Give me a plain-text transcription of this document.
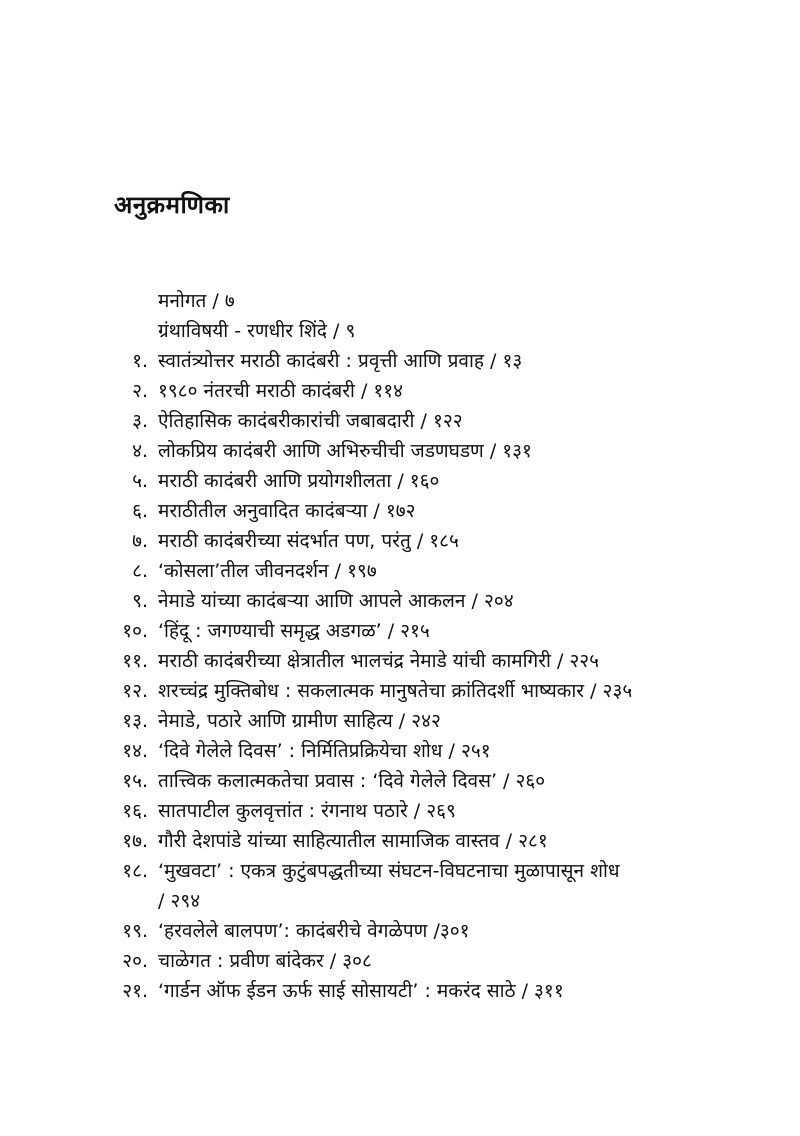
अनुक्रमणिका
मनोगत / ७
ग्रंथाविषयी - रणधीर शिंदे / ९
१. स्वातंत्र्योत्तर मराठी कादंबरी : प्रवृत्ती आणि प्रवाह / १३
२. १९८० नंतरची मराठी कादंबरी / ११४
३. ऐतिहासिक कादंबरीकारांची जबाबदारी / १२२
४. लोकप्रिय कादंबरी आणि अभिरुचीची जडणघडण / १३१
५. मराठी कादंबरी आणि प्रयोगशीलता / १६०
६. मराठीतील अनुवादित कादंबऱ्या / १७२
७. मराठी कादंबरीच्या संदर्भात पण, परंतु / १८५
८. ‘कोसला’तील जीवनदर्शन / १९७
९. नेमाडे यांच्या कादंबऱ्या आणि आपले आकलन / २०४
१०. ‘हिंदू : जगण्याची समृद्ध अडगळ’ / २१५
११. मराठी कादंबरीच्या क्षेत्रातील भालचंद्र नेमाडे यांची कामगिरी / २२५
१२. शरच्चंद्र मुक्तिबोध : सकलात्मक मानुषतेचा क्रांतिदर्शी भाष्यकार / २३५
१३. नेमाडे, पठारे आणि ग्रामीण साहित्य / २४२
१४. ‘दिवे गेलेले दिवस’ : निर्मितिप्रक्रियेचा शोध / २५१
१५. तात्त्विक कलात्मकतेचा प्रवास : ‘दिवे गेलेले दिवस’ / २६०
१६. सातपाटील कुलवृत्तांत : रंगनाथ पठारे / २६९
१७. गौरी देशपांडे यांच्या साहित्यातील सामाजिक वास्तव / २८१
१८. ‘मुखवटा’ : एकत्र कुटुंबपद्धतीच्या संघटन-विघटनाचा मुळापासून शोध / २९४
१९. ‘हरवलेले बालपण’: कादंबरीचे वेगळेपण /३०१
२०. चाळेगत : प्रवीण बांदेकर / ३०८
२१. ‘गार्डन ऑफ ईडन ऊर्फ साई सोसायटी’ : मकरंद साठे / ३११
